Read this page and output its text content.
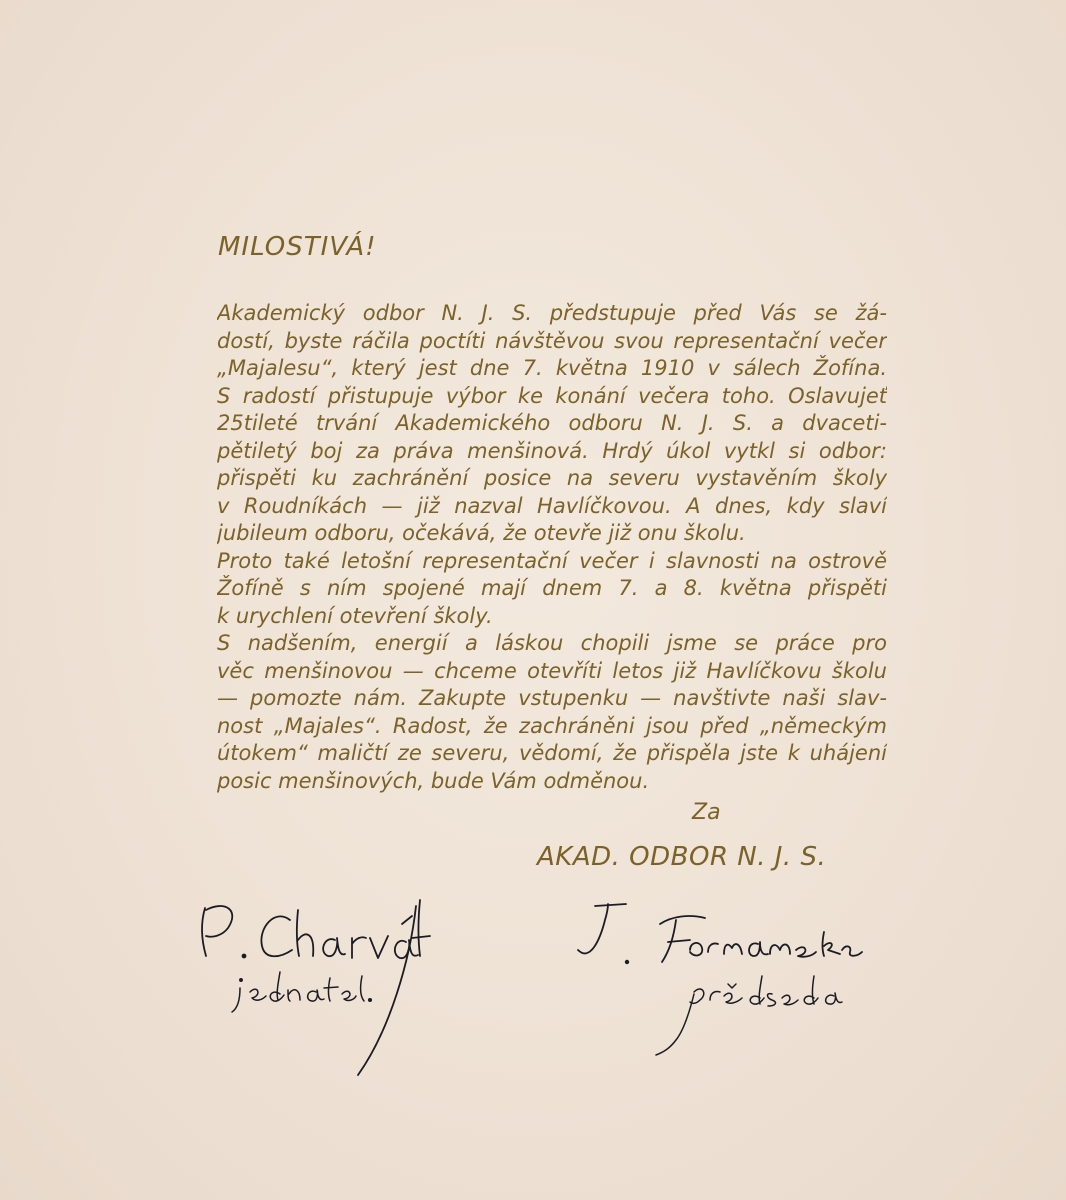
MILOSTIVÁ!
Akademický odbor N. J. S. předstupuje před Vás se žá-
dostí, byste ráčila poctíti návštěvou svou representační večer
„Majalesu“, který jest dne 7. května 1910 v sálech Žofína.
S radostí přistupuje výbor ke konání večera toho. Oslavujeť
25tileté trvání Akademického odboru N. J. S. a dvaceti-
pětiletý boj za práva menšinová. Hrdý úkol vytkl si odbor:
přispěti ku zachránění posice na severu vystavěním školy
v Roudníkách — již nazval Havlíčkovou. A dnes, kdy slaví
jubileum odboru, očekává, že otevře již onu školu.
Proto také letošní representační večer i slavnosti na ostrově
Žofíně s ním spojené mají dnem 7. a 8. května přispěti
k urychlení otevření školy.
S nadšením, energií a láskou chopili jsme se práce pro
věc menšinovou — chceme otevříti letos již Havlíčkovu školu
— pomozte nám. Zakupte vstupenku — navštivte naši slav-
nost „Majales“. Radost, že zachráněni jsou před „německým
útokem“ maličtí ze severu, vědomí, že přispěla jste k uhájení
posic menšinových, bude Vám odměnou.
Za
AKAD. ODBOR N. J. S.
